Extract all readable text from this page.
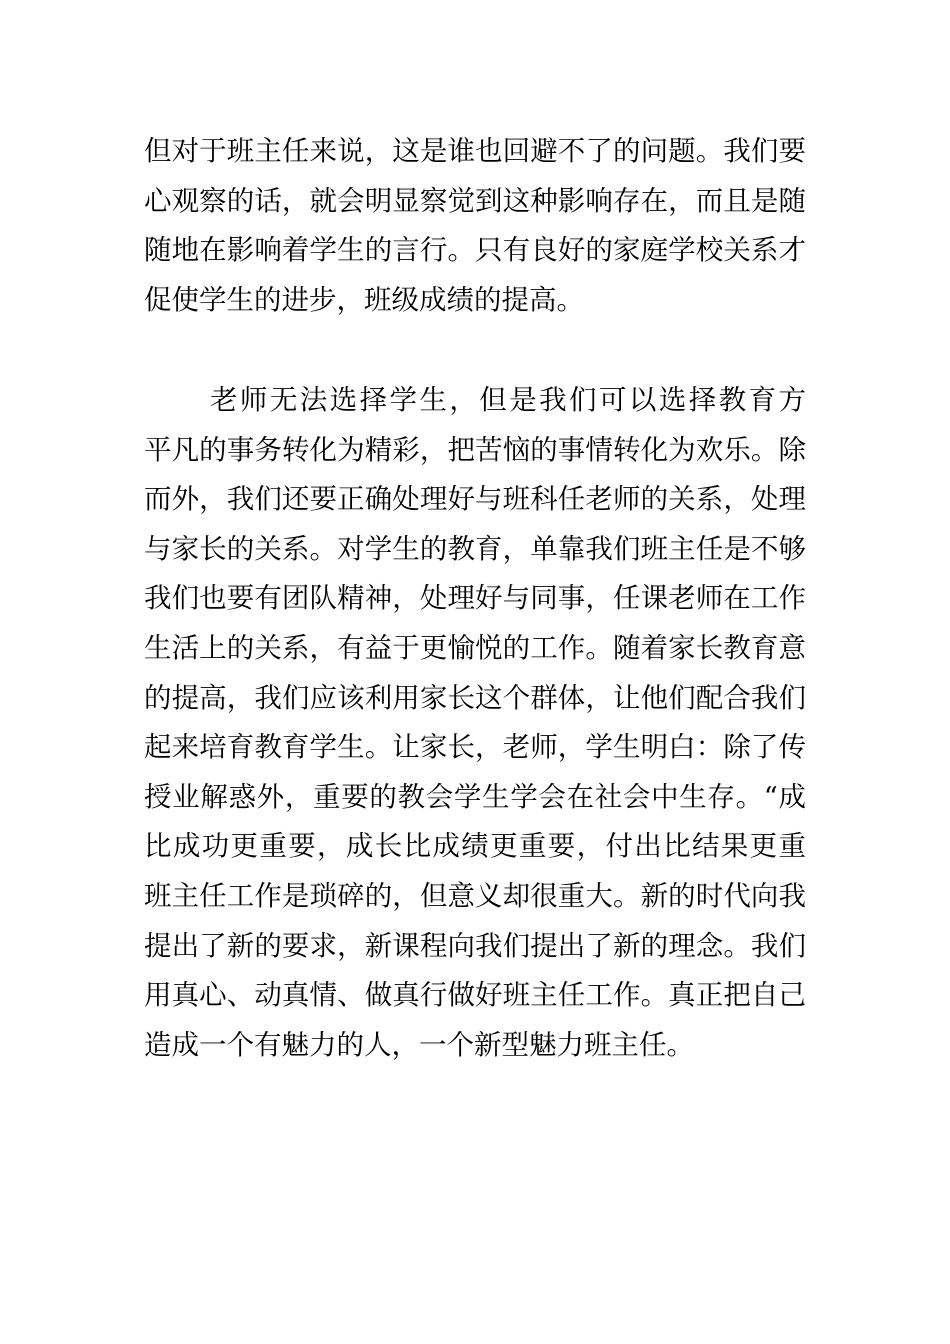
但对于班主任来说，这是谁也回避不了的问题。我们要
心观察的话，就会明显察觉到这种影响存在，而且是随
随地在影响着学生的言行。只有良好的家庭学校关系才
促使学生的进步，班级成绩的提高。
老师无法选择学生，但是我们可以选择教育方
平凡的事务转化为精彩，把苦恼的事情转化为欢乐。除
而外，我们还要正确处理好与班科任老师的关系，处理
与家长的关系。对学生的教育，单靠我们班主任是不够
我们也要有团队精神，处理好与同事，任课老师在工作
生活上的关系，有益于更愉悦的工作。随着家长教育意
的提高，我们应该利用家长这个群体，让他们配合我们
起来培育教育学生。让家长，老师，学生明白：除了传
授业解惑外，重要的教会学生学会在社会中生存。“成
比成功更重要，成长比成绩更重要，付出比结果更重
班主任工作是琐碎的，但意义却很重大。新的时代向我
提出了新的要求，新课程向我们提出了新的理念。我们
用真心、动真情、做真行做好班主任工作。真正把自己
造成一个有魅力的人，一个新型魅力班主任。
